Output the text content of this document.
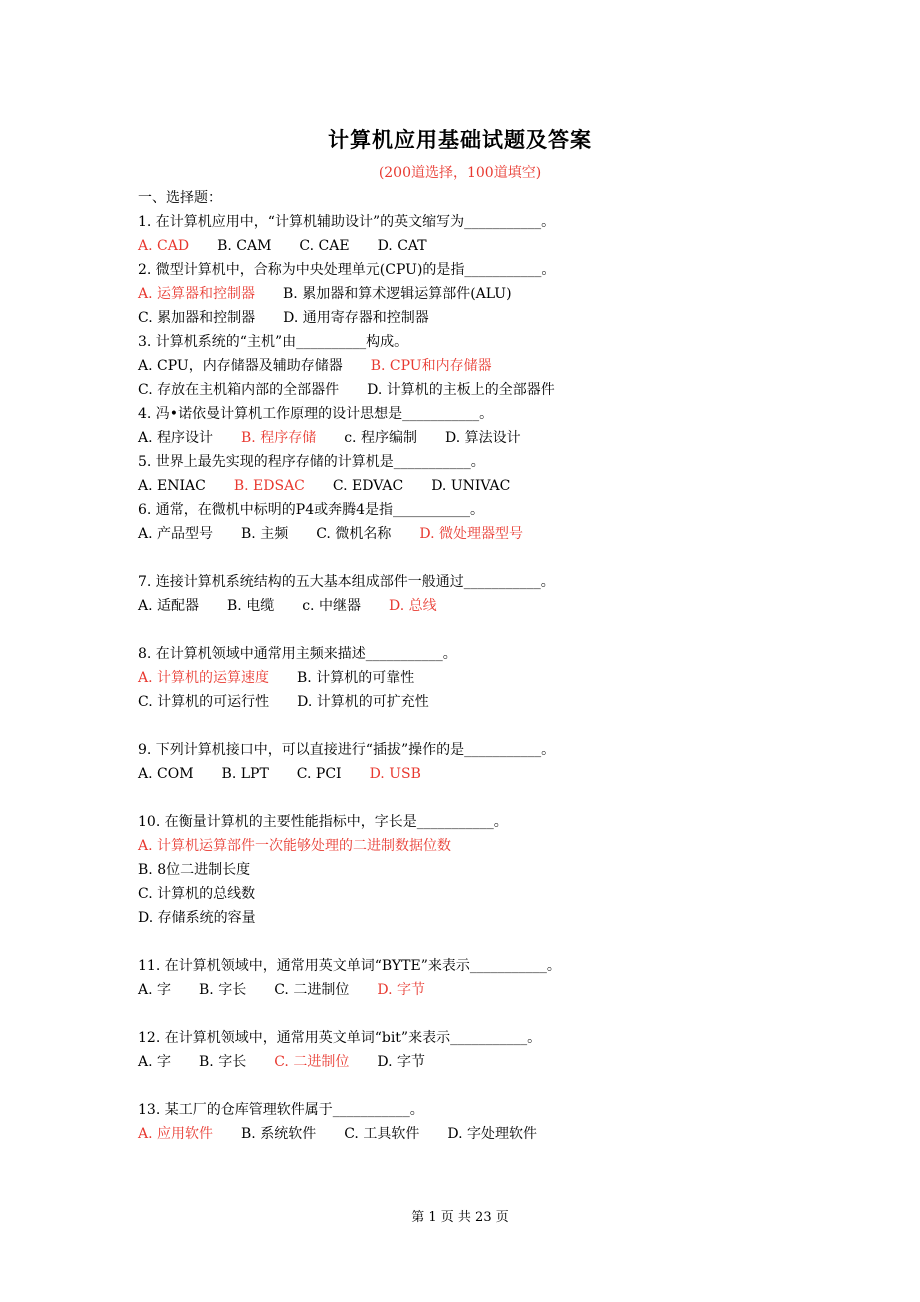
计算机应用基础试题及答案
(200道选择，100道填空)
一、选择题：
1. 在计算机应用中，“计算机辅助设计”的英文缩写为___________。
A. CAD　　 B. CAM　　 C. CAE　　 D. CAT
2. 微型计算机中，合称为中央处理单元(CPU)的是指___________。
A. 运算器和控制器　　 B. 累加器和算术逻辑运算部件(ALU)
C. 累加器和控制器　　 D. 通用寄存器和控制器
3. 计算机系统的“主机”由__________构成。
A. CPU，内存储器及辅助存储器　　 B. CPU和内存储器
C. 存放在主机箱内部的全部器件　　 D. 计算机的主板上的全部器件
4. 冯•诺依曼计算机工作原理的设计思想是___________。
A. 程序设计　　 B. 程序存储　　 c. 程序编制　　 D. 算法设计
5. 世界上最先实现的程序存储的计算机是___________。
A. ENIAC　　 B. EDSAC　　 C. EDVAC　　 D. UNIVAC
6. 通常，在微机中标明的P4或奔腾4是指___________。
A. 产品型号　　 B. 主频　　 C. 微机名称　　 D. 微处理器型号
7. 连接计算机系统结构的五大基本组成部件一般通过___________。
A. 适配器　　 B. 电缆　　 c. 中继器　　 D. 总线
8. 在计算机领域中通常用主频来描述___________。
A. 计算机的运算速度　　 B. 计算机的可靠性
C. 计算机的可运行性　　 D. 计算机的可扩充性
9. 下列计算机接口中，可以直接进行“插拔”操作的是___________。
A. COM　　 B. LPT　　 C. PCI　　 D. USB
10. 在衡量计算机的主要性能指标中，字长是___________。
A. 计算机运算部件一次能够处理的二进制数据位数
B. 8位二进制长度
C. 计算机的总线数
D. 存储系统的容量
11. 在计算机领域中，通常用英文单词“BYTE”来表示___________。
A. 字　　 B. 字长　　 C. 二进制位　　 D. 字节
12. 在计算机领域中，通常用英文单词“bit”来表示___________。
A. 字　　 B. 字长　　 C. 二进制位　　 D. 字节
13. 某工厂的仓库管理软件属于___________。
A. 应用软件　　 B. 系统软件　　 C. 工具软件　　 D. 字处理软件
第 1 页 共 23 页
